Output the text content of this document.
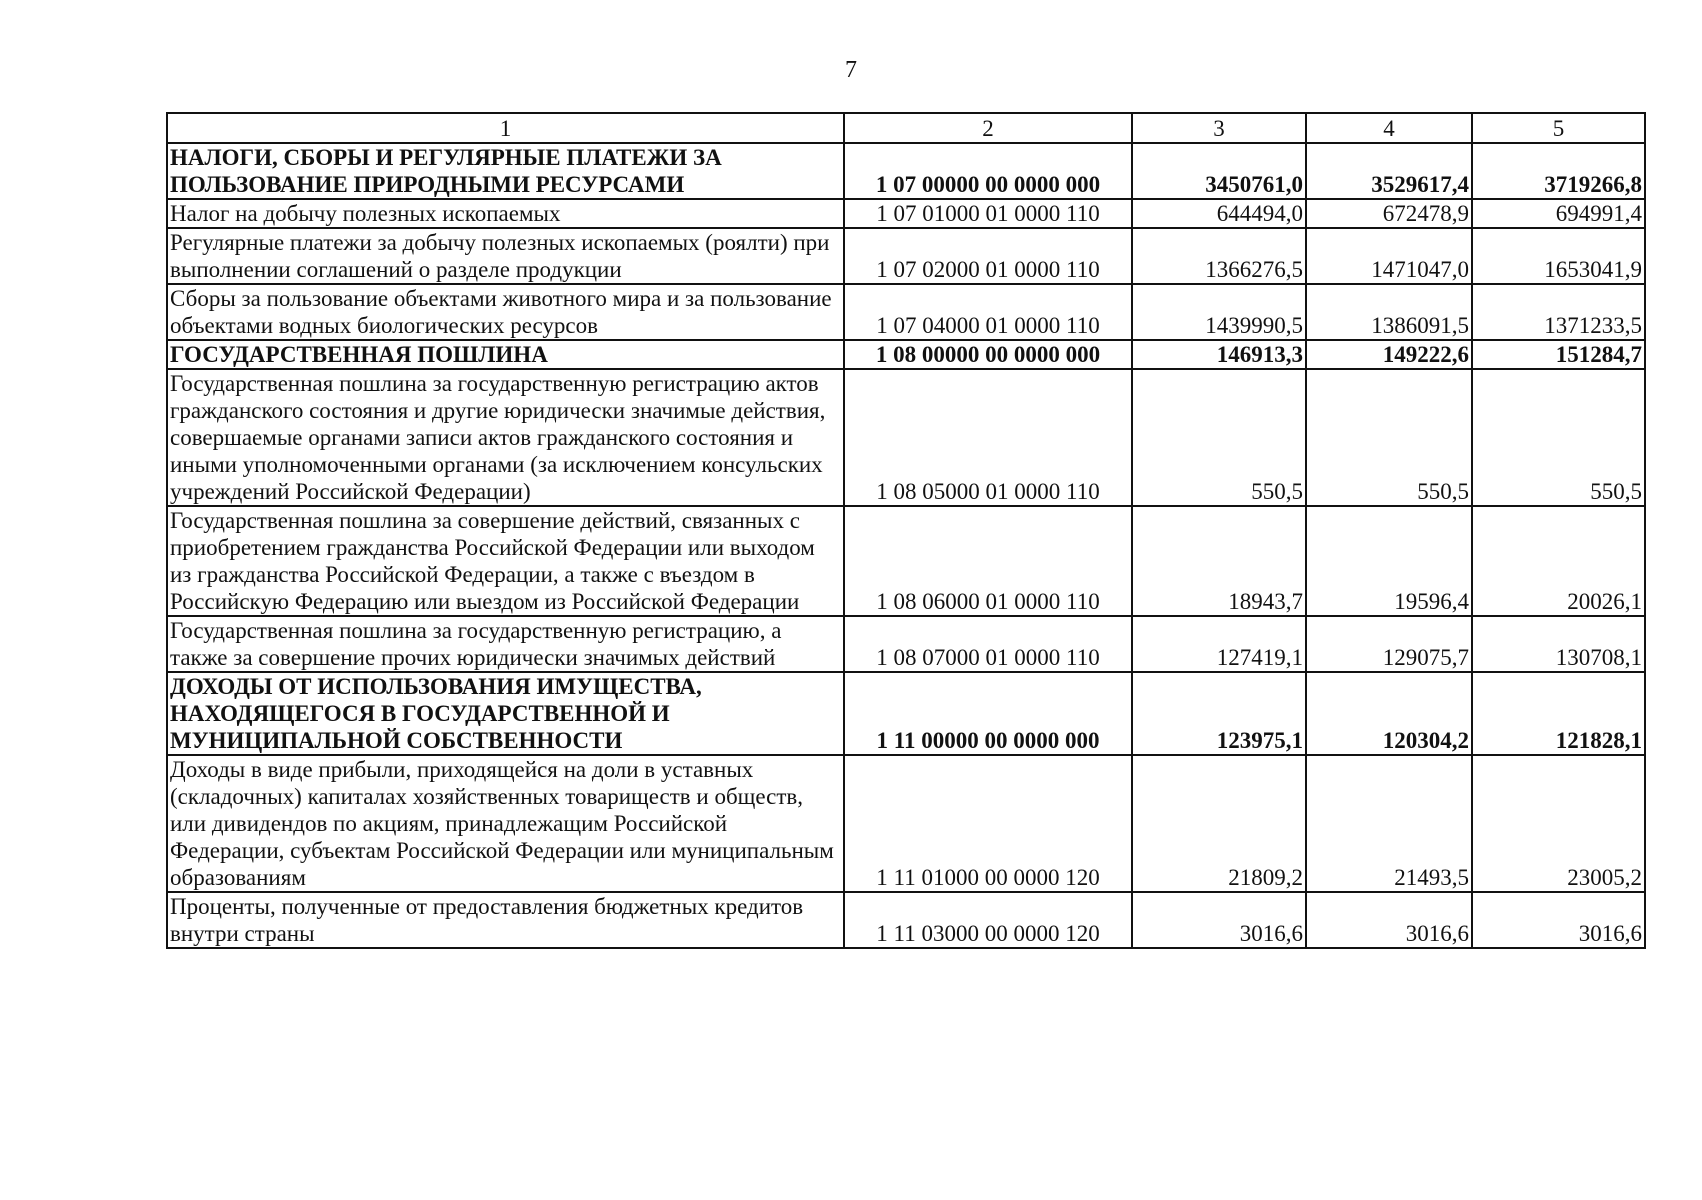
7
1	2	3	4	5
НАЛОГИ, СБОРЫ И РЕГУЛЯРНЫЕ ПЛАТЕЖИ ЗА ПОЛЬЗОВАНИЕ ПРИРОДНЫМИ РЕСУРСАМИ	1 07 00000 00 0000 000	3450761,0	3529617,4	3719266,8
Налог на добычу полезных ископаемых	1 07 01000 01 0000 110	644494,0	672478,9	694991,4
Регулярные платежи за добычу полезных ископаемых (роялти) при выполнении соглашений о разделе продукции	1 07 02000 01 0000 110	1366276,5	1471047,0	1653041,9
Сборы за пользование объектами животного мира и за пользование объектами водных биологических ресурсов	1 07 04000 01 0000 110	1439990,5	1386091,5	1371233,5
ГОСУДАРСТВЕННАЯ ПОШЛИНА	1 08 00000 00 0000 000	146913,3	149222,6	151284,7
Государственная пошлина за государственную регистрацию актов гражданского состояния и другие юридически значимые действия, совершаемые органами записи актов гражданского состояния и иными уполномоченными органами (за исключением консульских учреждений Российской Федерации)	1 08 05000 01 0000 110	550,5	550,5	550,5
Государственная пошлина за совершение действий, связанных с приобретением гражданства Российской Федерации или выходом из гражданства Российской Федерации, а также с въездом в Российскую Федерацию или выездом из Российской Федерации	1 08 06000 01 0000 110	18943,7	19596,4	20026,1
Государственная пошлина за государственную регистрацию, а также за совершение прочих юридически значимых действий	1 08 07000 01 0000 110	127419,1	129075,7	130708,1
ДОХОДЫ ОТ ИСПОЛЬЗОВАНИЯ ИМУЩЕСТВА, НАХОДЯЩЕГОСЯ В ГОСУДАРСТВЕННОЙ И МУНИЦИПАЛЬНОЙ СОБСТВЕННОСТИ	1 11 00000 00 0000 000	123975,1	120304,2	121828,1
Доходы в виде прибыли, приходящейся на доли в уставных (складочных) капиталах хозяйственных товариществ и обществ, или дивидендов по акциям, принадлежащим Российской Федерации, субъектам Российской Федерации или муниципальным образованиям	1 11 01000 00 0000 120	21809,2	21493,5	23005,2
Проценты, полученные от предоставления бюджетных кредитов внутри страны	1 11 03000 00 0000 120	3016,6	3016,6	3016,6
